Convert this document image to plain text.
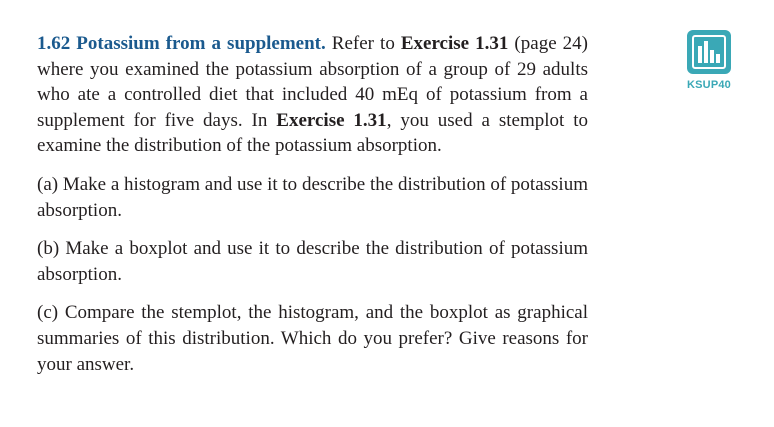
1.62 Potassium from a supplement. Refer to Exercise 1.31 (page 24) where you examined the potassium absorption of a group of 29 adults who ate a controlled diet that included 40 mEq of potassium from a supplement for five days. In Exercise 1.31, you used a stemplot to examine the distribution of the potassium absorption.

(a) Make a histogram and use it to describe the distribution of potassium absorption.

(b) Make a boxplot and use it to describe the distribution of potassium absorption.

(c) Compare the stemplot, the histogram, and the boxplot as graphical summaries of this distribution. Which do you prefer? Give reasons for your answer.

KSUP40
